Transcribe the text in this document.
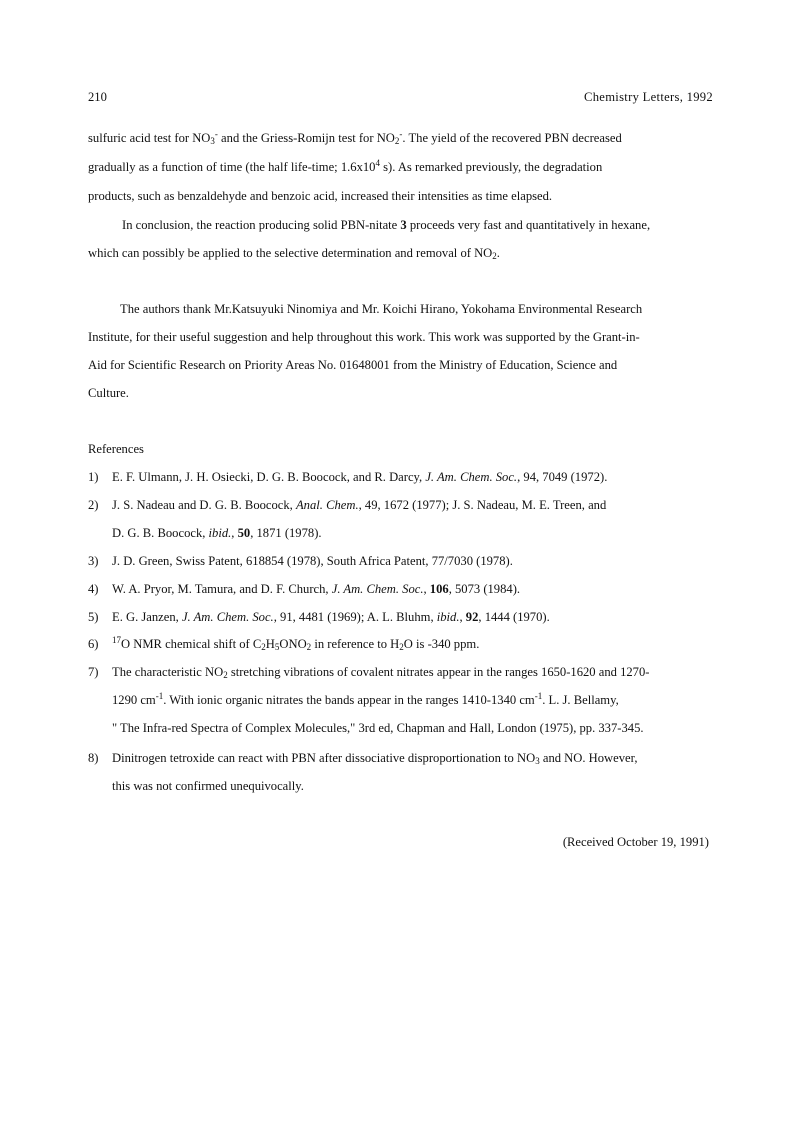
210	Chemistry Letters, 1992
sulfuric acid test for $NO_3^-$ and the Griess-Romijn test for $NO_2^-$. The yield of the recovered PBN decreased
gradually as a function of time (the half life-time; $1.6x10^4$ s). As remarked previously, the degradation
products, such as benzaldehyde and benzoic acid, increased their intensities as time elapsed.
In conclusion, the reaction producing solid PBN-nitate 3 proceeds very fast and quantitatively in hexane,
which can possibly be applied to the selective determination and removal of $NO_2$.
The authors thank Mr.Katsuyuki Ninomiya and Mr. Koichi Hirano, Yokohama Environmental Research
Institute, for their useful suggestion and help throughout this work. This work was supported by the Grant-in-
Aid for Scientific Research on Priority Areas No. 01648001 from the Ministry of Education, Science and
Culture.
References
1) E. F. Ulmann, J. H. Osiecki, D. G. B. Boocock, and R. Darcy, J. Am. Chem. Soc., 94, 7049 (1972).
2) J. S. Nadeau and D. G. B. Boocock, Anal. Chem., 49, 1672 (1977); J. S. Nadeau, M. E. Treen, and
D. G. B. Boocock, ibid., 50, 1871 (1978).
3) J. D. Green, Swiss Patent, 618854 (1978), South Africa Patent, 77/7030 (1978).
4) W. A. Pryor, M. Tamura, and D. F. Church, J. Am. Chem. Soc., 106, 5073 (1984).
5) E. G. Janzen, J. Am. Chem. Soc., 91, 4481 (1969); A. L. Bluhm, ibid., 92, 1444 (1970).
6) $^{17}$O NMR chemical shift of $C_2H_5ONO_2$ in reference to $H_2O$ is -340 ppm.
7) The characteristic $NO_2$ stretching vibrations of covalent nitrates appear in the ranges 1650-1620 and 1270-
1290 $cm^{-1}$. With ionic organic nitrates the bands appear in the ranges 1410-1340 $cm^{-1}$. L. J. Bellamy,
" The Infra-red Spectra of Complex Molecules," 3rd ed, Chapman and Hall, London (1975), pp. 337-345.
8) Dinitrogen tetroxide can react with PBN after dissociative disproportionation to $NO_3$ and NO. However,
this was not confirmed unequivocally.
(Received October 19, 1991)
